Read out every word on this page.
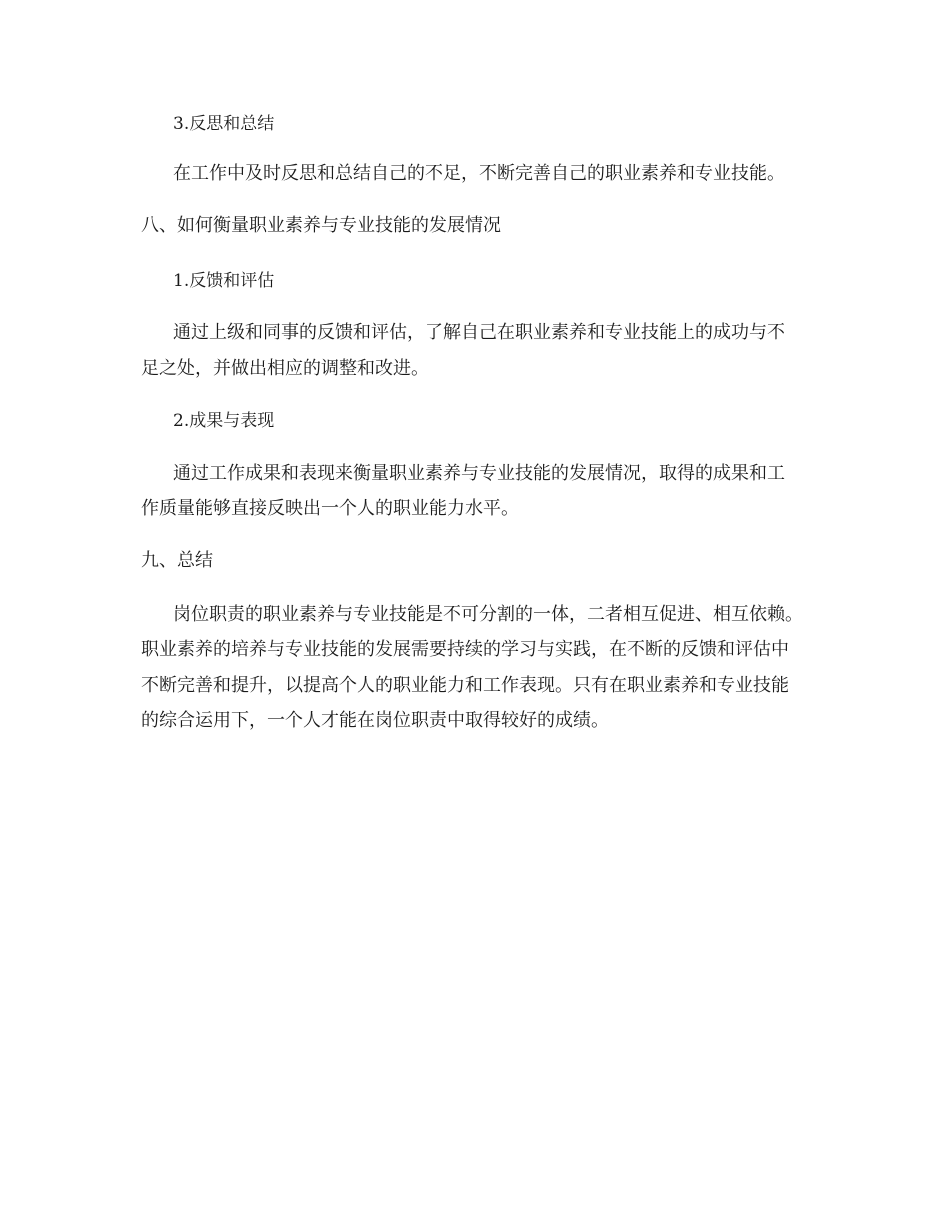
3.反思和总结
在工作中及时反思和总结自己的不足，不断完善自己的职业素养和专业技能。
八、如何衡量职业素养与专业技能的发展情况
1.反馈和评估
通过上级和同事的反馈和评估，了解自己在职业素养和专业技能上的成功与不
足之处，并做出相应的调整和改进。
2.成果与表现
通过工作成果和表现来衡量职业素养与专业技能的发展情况，取得的成果和工
作质量能够直接反映出一个人的职业能力水平。
九、总结
岗位职责的职业素养与专业技能是不可分割的一体，二者相互促进、相互依赖。
职业素养的培养与专业技能的发展需要持续的学习与实践，在不断的反馈和评估中
不断完善和提升，以提高个人的职业能力和工作表现。只有在职业素养和专业技能
的综合运用下，一个人才能在岗位职责中取得较好的成绩。
